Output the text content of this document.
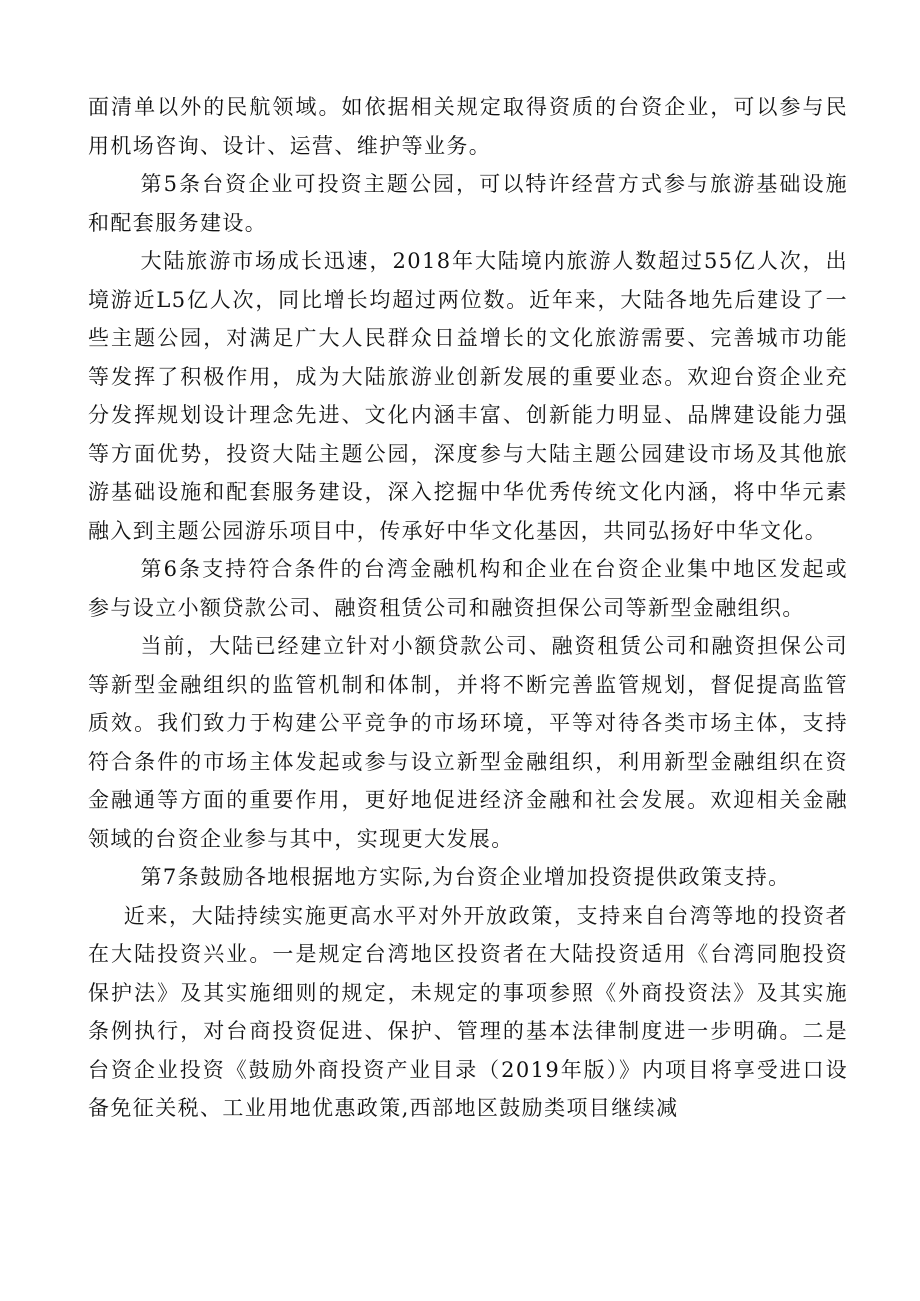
面清单以外的民航领域。如依据相关规定取得资质的台资企业，可以参与民用机场咨询、设计、运营、维护等业务。

第5条台资企业可投资主题公园，可以特许经营方式参与旅游基础设施和配套服务建设。

大陆旅游市场成长迅速，2018年大陆境内旅游人数超过55亿人次，出境游近L5亿人次，同比增长均超过两位数。近年来，大陆各地先后建设了一些主题公园，对满足广大人民群众日益增长的文化旅游需要、完善城市功能等发挥了积极作用，成为大陆旅游业创新发展的重要业态。欢迎台资企业充分发挥规划设计理念先进、文化内涵丰富、创新能力明显、品牌建设能力强等方面优势，投资大陆主题公园，深度参与大陆主题公园建设市场及其他旅游基础设施和配套服务建设，深入挖掘中华优秀传统文化内涵，将中华元素融入到主题公园游乐项目中，传承好中华文化基因，共同弘扬好中华文化。

第6条支持符合条件的台湾金融机构和企业在台资企业集中地区发起或参与设立小额贷款公司、融资租赁公司和融资担保公司等新型金融组织。

当前，大陆已经建立针对小额贷款公司、融资租赁公司和融资担保公司等新型金融组织的监管机制和体制，并将不断完善监管规划，督促提高监管质效。我们致力于构建公平竞争的市场环境，平等对待各类市场主体，支持符合条件的市场主体发起或参与设立新型金融组织，利用新型金融组织在资金融通等方面的重要作用，更好地促进经济金融和社会发展。欢迎相关金融领域的台资企业参与其中，实现更大发展。

第7条鼓励各地根据地方实际,为台资企业增加投资提供政策支持。

近来，大陆持续实施更高水平对外开放政策，支持来自台湾等地的投资者在大陆投资兴业。一是规定台湾地区投资者在大陆投资适用《台湾同胞投资保护法》及其实施细则的规定，未规定的事项参照《外商投资法》及其实施条例执行，对台商投资促进、保护、管理的基本法律制度进一步明确。二是台资企业投资《鼓励外商投资产业目录（2019年版）》内项目将享受进口设备免征关税、工业用地优惠政策,西部地区鼓励类项目继续减
